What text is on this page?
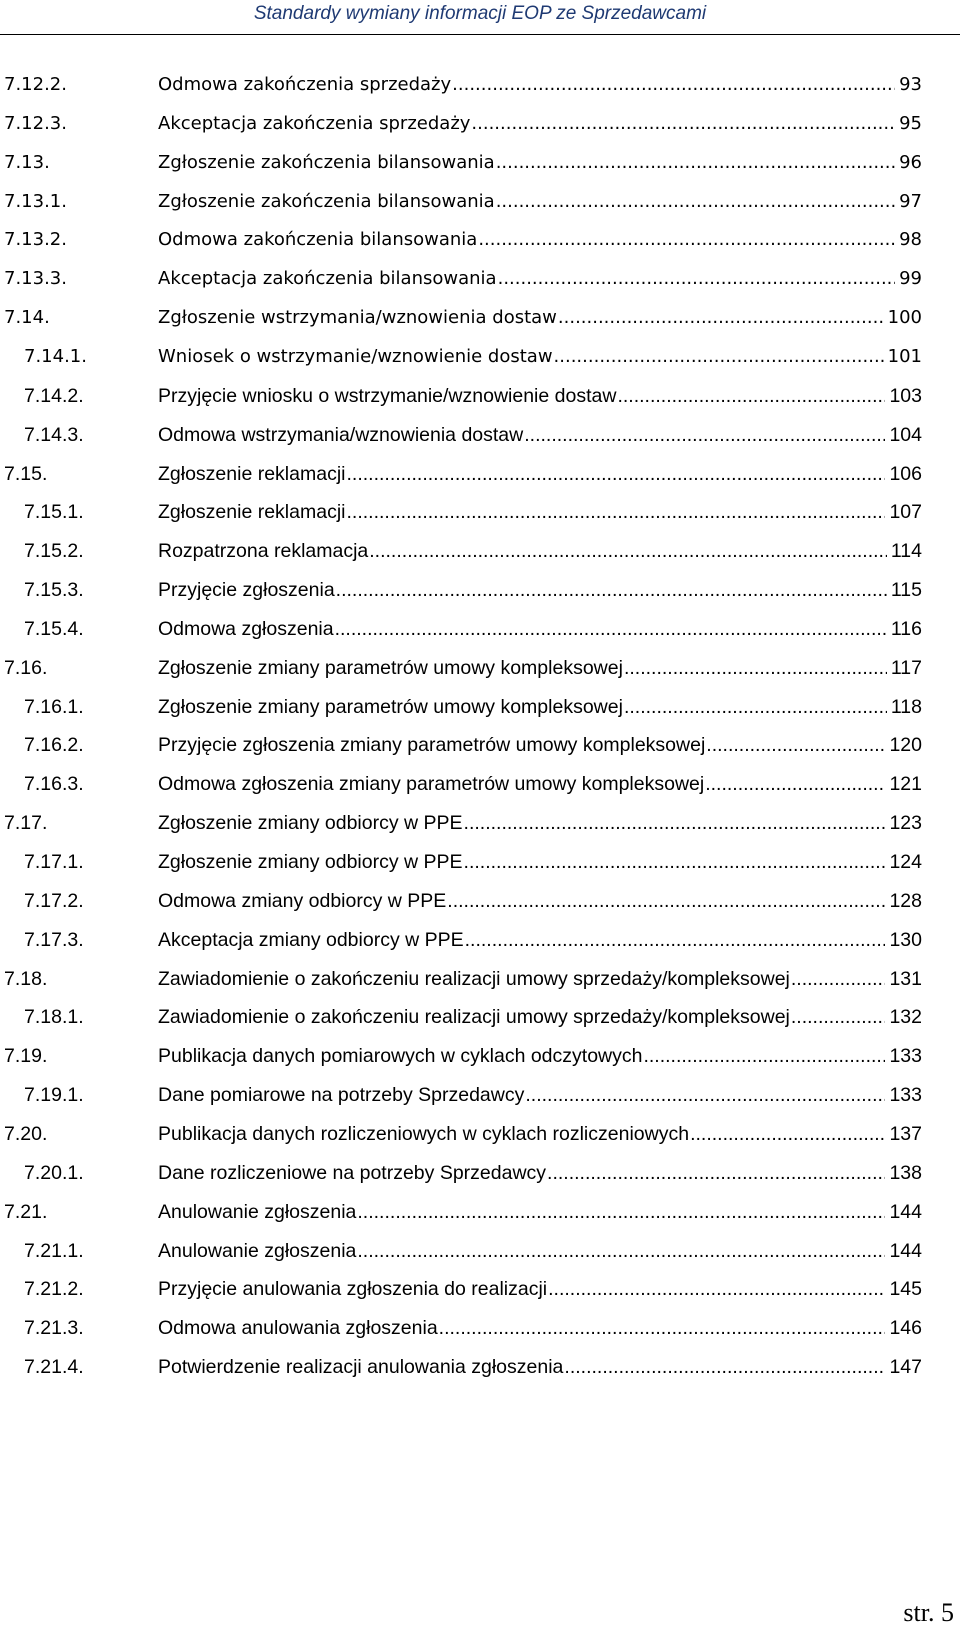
Standardy wymiany informacji EOP ze Sprzedawcami
7.12.2.	Odmowa zakończenia sprzedaży .....	93
7.12.3.	Akceptacja zakończenia sprzedaży .....	95
7.13.	Zgłoszenie zakończenia bilansowania .....	96
7.13.1.	Zgłoszenie zakończenia bilansowania .....	97
7.13.2.	Odmowa zakończenia bilansowania .....	98
7.13.3.	Akceptacja zakończenia bilansowania .....	99
7.14.	Zgłoszenie wstrzymania/wznowienia dostaw .....	100
7.14.1.	Wniosek o wstrzymanie/wznowienie dostaw .....	101
7.14.2.	Przyjęcie wniosku o wstrzymanie/wznowienie dostaw .....	103
7.14.3.	Odmowa wstrzymania/wznowienia dostaw .....	104
7.15.	Zgłoszenie reklamacji .....	106
7.15.1.	Zgłoszenie reklamacji .....	107
7.15.2.	Rozpatrzona reklamacja .....	114
7.15.3.	Przyjęcie zgłoszenia .....	115
7.15.4.	Odmowa zgłoszenia .....	116
7.16.	Zgłoszenie zmiany parametrów umowy kompleksowej .....	117
7.16.1.	Zgłoszenie zmiany parametrów umowy kompleksowej .....	118
7.16.2.	Przyjęcie zgłoszenia zmiany parametrów umowy kompleksowej .....	120
7.16.3.	Odmowa zgłoszenia zmiany parametrów umowy kompleksowej .....	121
7.17.	Zgłoszenie zmiany odbiorcy w PPE .....	123
7.17.1.	Zgłoszenie zmiany odbiorcy w PPE .....	124
7.17.2.	Odmowa zmiany odbiorcy w PPE .....	128
7.17.3.	Akceptacja zmiany odbiorcy w PPE .....	130
7.18.	Zawiadomienie o zakończeniu realizacji umowy sprzedaży/kompleksowej .....	131
7.18.1.	Zawiadomienie o zakończeniu realizacji umowy sprzedaży/kompleksowej .....	132
7.19.	Publikacja danych pomiarowych w cyklach odczytowych .....	133
7.19.1.	Dane pomiarowe na potrzeby Sprzedawcy .....	133
7.20.	Publikacja danych rozliczeniowych w cyklach rozliczeniowych .....	137
7.20.1.	Dane rozliczeniowe na potrzeby Sprzedawcy .....	138
7.21.	Anulowanie zgłoszenia .....	144
7.21.1.	Anulowanie zgłoszenia .....	144
7.21.2.	Przyjęcie anulowania zgłoszenia do realizacji .....	145
7.21.3.	Odmowa anulowania zgłoszenia .....	146
7.21.4.	Potwierdzenie realizacji anulowania zgłoszenia .....	147
str. 5
